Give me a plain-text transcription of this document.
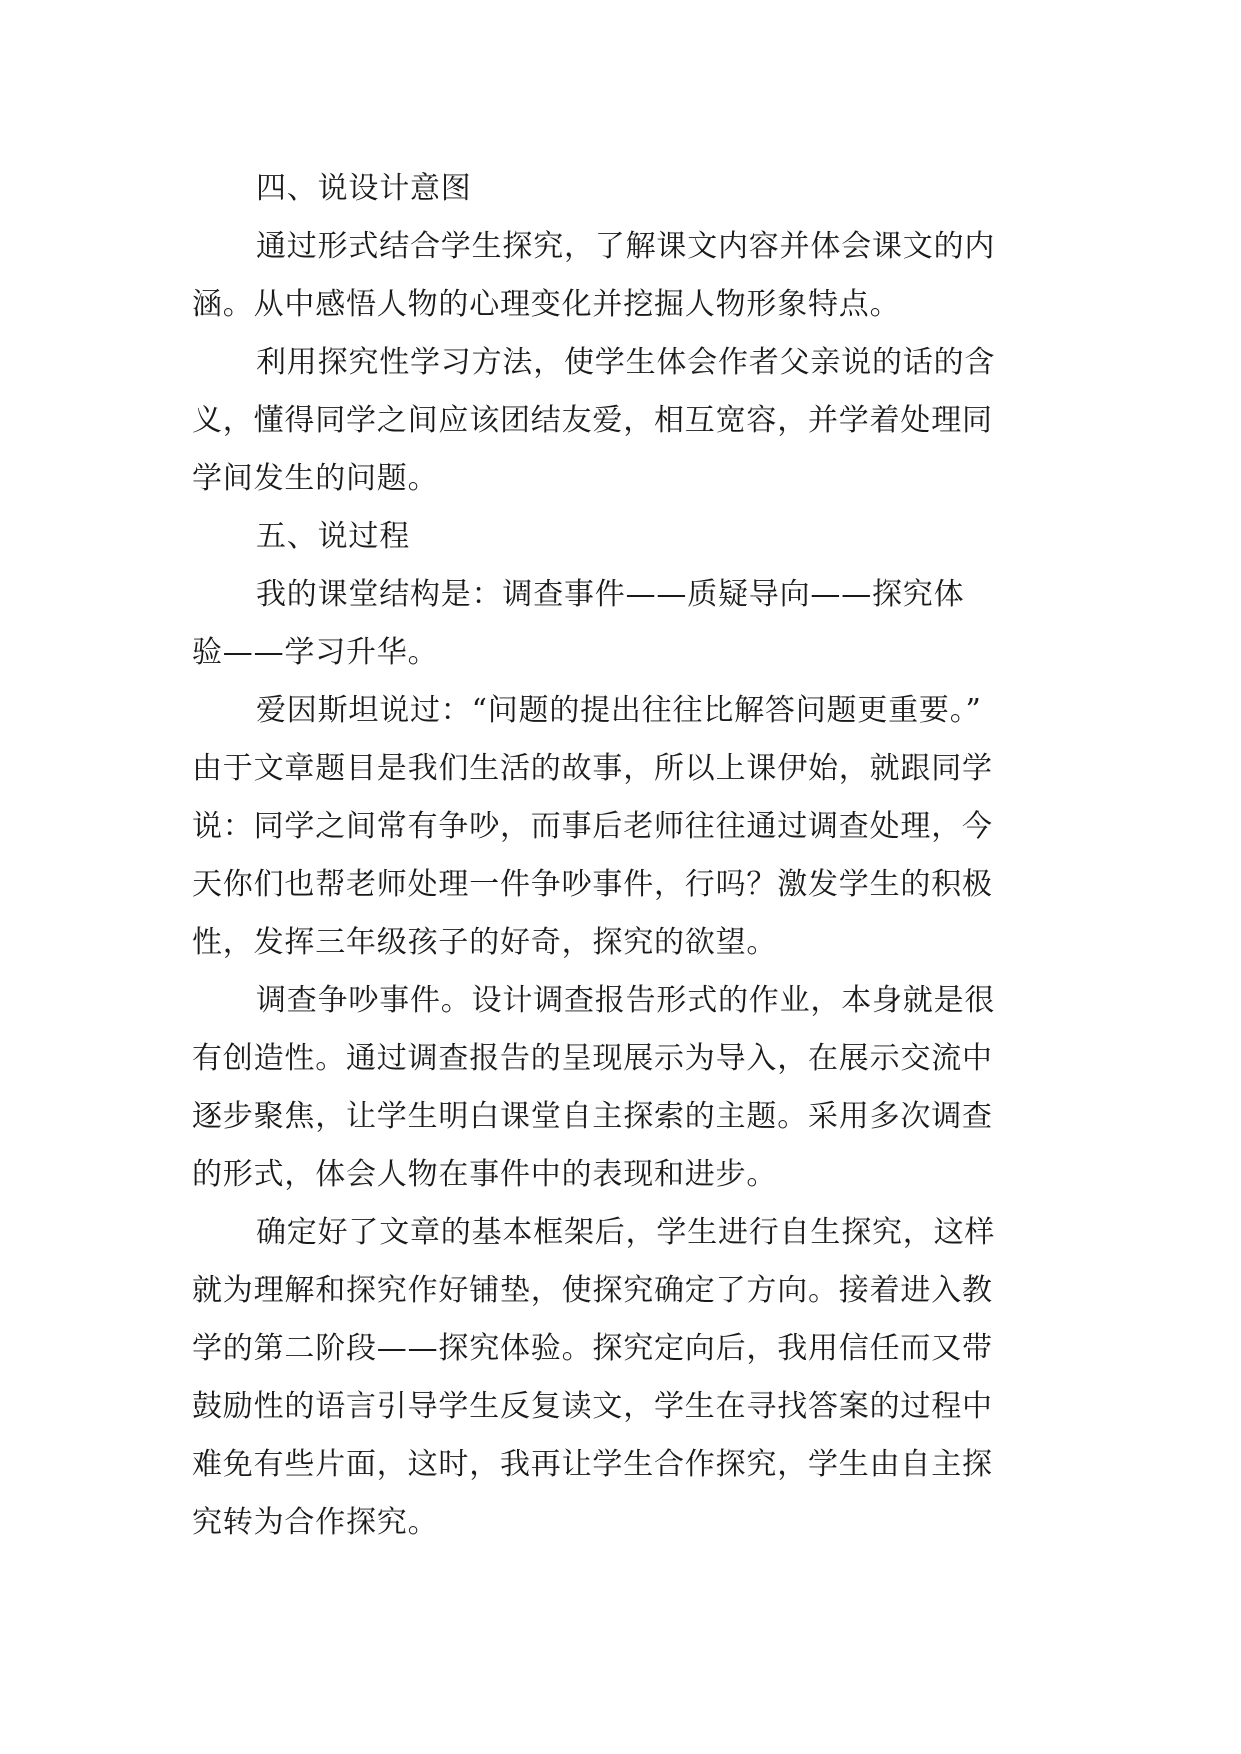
四、说设计意图
通过形式结合学生探究，了解课文内容并体会课文的内
涵。从中感悟人物的心理变化并挖掘人物形象特点。
利用探究性学习方法，使学生体会作者父亲说的话的含
义，懂得同学之间应该团结友爱，相互宽容，并学着处理同
学间发生的问题。
五、说过程
我的课堂结构是：调查事件——质疑导向——探究体
验——学习升华。
爱因斯坦说过：“问题的提出往往比解答问题更重要。”
由于文章题目是我们生活的故事，所以上课伊始，就跟同学
说：同学之间常有争吵，而事后老师往往通过调查处理，今
天你们也帮老师处理一件争吵事件，行吗？激发学生的积极
性，发挥三年级孩子的好奇，探究的欲望。
调查争吵事件。设计调查报告形式的作业，本身就是很
有创造性。通过调查报告的呈现展示为导入，在展示交流中
逐步聚焦，让学生明白课堂自主探索的主题。采用多次调查
的形式，体会人物在事件中的表现和进步。
确定好了文章的基本框架后，学生进行自生探究，这样
就为理解和探究作好铺垫，使探究确定了方向。接着进入教
学的第二阶段——探究体验。探究定向后，我用信任而又带
鼓励性的语言引导学生反复读文，学生在寻找答案的过程中
难免有些片面，这时，我再让学生合作探究，学生由自主探
究转为合作探究。
